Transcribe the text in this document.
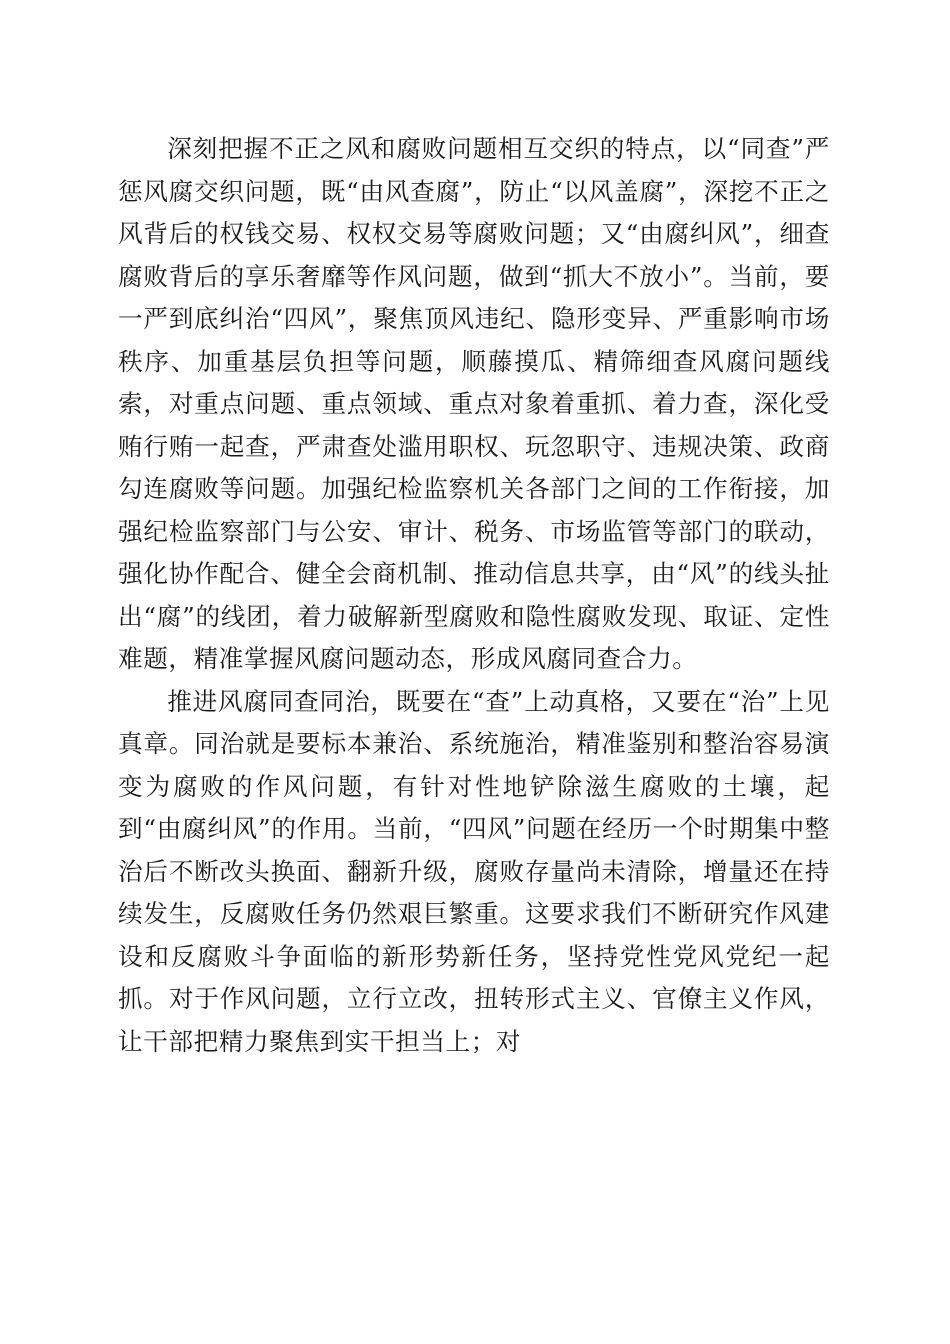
深刻把握不正之风和腐败问题相互交织的特点，以“同查”严惩风腐交织问题，既“由风查腐”，防止“以风盖腐”，深挖不正之风背后的权钱交易、权权交易等腐败问题；又“由腐纠风”，细查腐败背后的享乐奢靡等作风问题，做到“抓大不放小”。当前，要一严到底纠治“四风”，聚焦顶风违纪、隐形变异、严重影响市场秩序、加重基层负担等问题，顺藤摸瓜、精筛细查风腐问题线索，对重点问题、重点领域、重点对象着重抓、着力查，深化受贿行贿一起查，严肃查处滥用职权、玩忽职守、违规决策、政商勾连腐败等问题。加强纪检监察机关各部门之间的工作衔接，加强纪检监察部门与公安、审计、税务、市场监管等部门的联动，强化协作配合、健全会商机制、推动信息共享，由“风”的线头扯出“腐”的线团，着力破解新型腐败和隐性腐败发现、取证、定性难题，精准掌握风腐问题动态，形成风腐同查合力。

推进风腐同查同治，既要在“查”上动真格，又要在“治”上见真章。同治就是要标本兼治、系统施治，精准鉴别和整治容易演变为腐败的作风问题，有针对性地铲除滋生腐败的土壤，起到“由腐纠风”的作用。当前，“四风”问题在经历一个时期集中整治后不断改头换面、翻新升级，腐败存量尚未清除，增量还在持续发生，反腐败任务仍然艰巨繁重。这要求我们不断研究作风建设和反腐败斗争面临的新形势新任务，坚持党性党风党纪一起抓。对于作风问题，立行立改，扭转形式主义、官僚主义作风，让干部把精力聚焦到实干担当上；对
